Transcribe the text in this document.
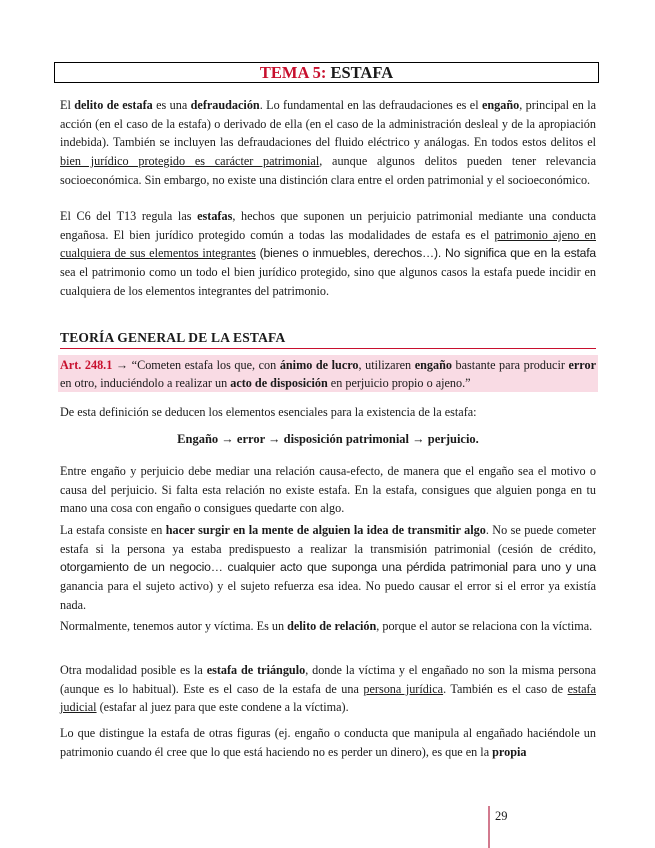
TEMA 5: ESTAFA

El delito de estafa es una defraudación. Lo fundamental en las defraudaciones es el engaño, principal en la acción (en el caso de la estafa) o derivado de ella (en el caso de la administración desleal y de la apropiación indebida). También se incluyen las defraudaciones del fluido eléctrico y análogas. En todos estos delitos el bien jurídico protegido es carácter patrimonial, aunque algunos delitos pueden tener relevancia socioeconómica. Sin embargo, no existe una distinción clara entre el orden patrimonial y el socioeconómico.

El C6 del T13 regula las estafas, hechos que suponen un perjuicio patrimonial mediante una conducta engañosa. El bien jurídico protegido común a todas las modalidades de estafa es el patrimonio ajeno en cualquiera de sus elementos integrantes (bienes o inmuebles, derechos…). No significa que en la estafa sea el patrimonio como un todo el bien jurídico protegido, sino que algunos casos la estafa puede incidir en cualquiera de los elementos integrantes del patrimonio.

TEORÍA GENERAL DE LA ESTAFA

Art. 248.1 → “Cometen estafa los que, con ánimo de lucro, utilizaren engaño bastante para producir error en otro, induciéndolo a realizar un acto de disposición en perjuicio propio o ajeno.”

De esta definición se deducen los elementos esenciales para la existencia de la estafa:

Engaño → error → disposición patrimonial → perjuicio.

Entre engaño y perjuicio debe mediar una relación causa-efecto, de manera que el engaño sea el motivo o causa del perjuicio. Si falta esta relación no existe estafa. En la estafa, consigues que alguien ponga en tu mano una cosa con engaño o consigues quedarte con algo.

La estafa consiste en hacer surgir en la mente de alguien la idea de transmitir algo. No se puede cometer estafa si la persona ya estaba predispuesto a realizar la transmisión patrimonial (cesión de crédito, otorgamiento de un negocio… cualquier acto que suponga una pérdida patrimonial para uno y una ganancia para el sujeto activo) y el sujeto refuerza esa idea. No puedo causar el error si el error ya existía nada.

Normalmente, tenemos autor y víctima. Es un delito de relación, porque el autor se relaciona con la víctima.

Otra modalidad posible es la estafa de triángulo, donde la víctima y el engañado no son la misma persona (aunque es lo habitual). Este es el caso de la estafa de una persona jurídica. También es el caso de estafa judicial (estafar al juez para que este condene a la víctima).

Lo que distingue la estafa de otras figuras (ej. engaño o conducta que manipula al engañado haciéndole un patrimonio cuando él cree que lo que está haciendo no es perder un dinero), es que en la propia

29
